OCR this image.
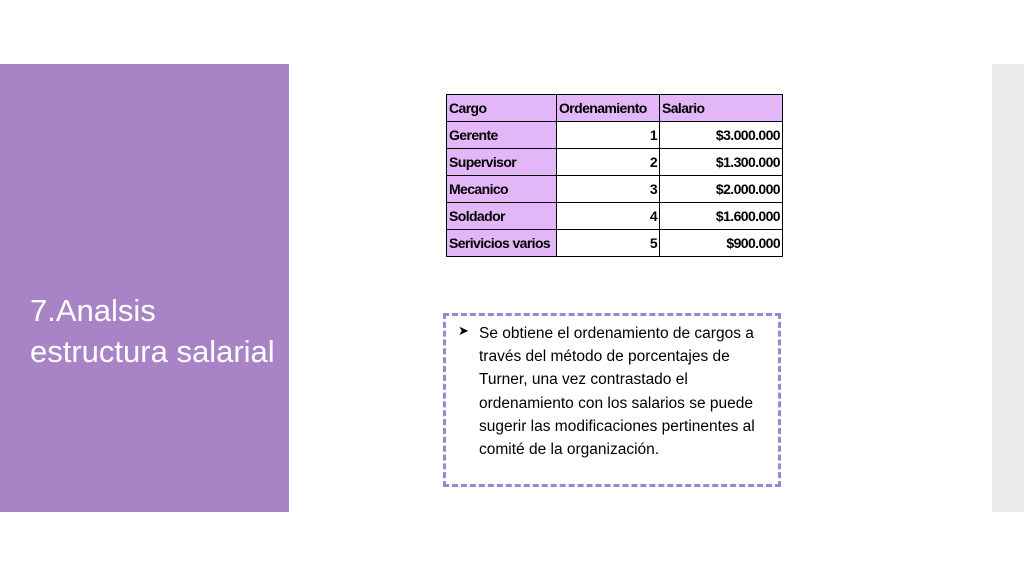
7.Analsis estructura salarial
Cargo	Ordenamiento	Salario
Gerente	1	$3.000.000
Supervisor	2	$1.300.000
Mecanico	3	$2.000.000
Soldador	4	$1.600.000
Serivicios varios	5	$900.000
➤ Se obtiene el ordenamiento de cargos a través del método de porcentajes de Turner, una vez contrastado el ordenamiento con los salarios se puede sugerir las modificaciones pertinentes al comité de la organización.
